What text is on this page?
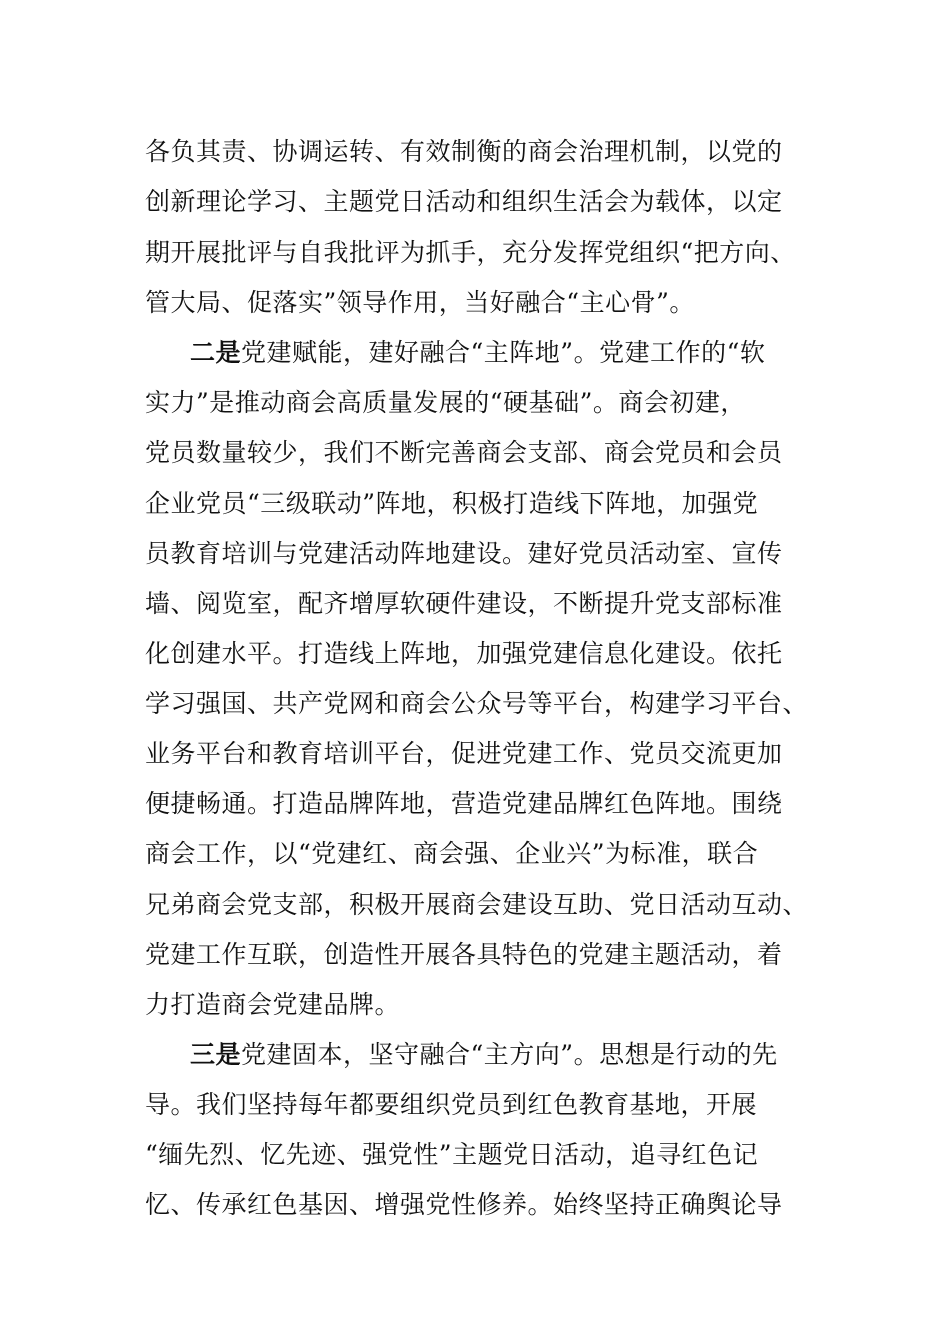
各负其责、协调运转、有效制衡的商会治理机制，以党的
创新理论学习、主题党日活动和组织生活会为载体，以定
期开展批评与自我批评为抓手，充分发挥党组织“把方向、
管大局、促落实”领导作用，当好融合“主心骨”。
二是党建赋能，建好融合“主阵地”。党建工作的“软
实力”是推动商会高质量发展的“硬基础”。商会初建，
党员数量较少，我们不断完善商会支部、商会党员和会员
企业党员“三级联动”阵地，积极打造线下阵地，加强党
员教育培训与党建活动阵地建设。建好党员活动室、宣传
墙、阅览室，配齐增厚软硬件建设，不断提升党支部标准
化创建水平。打造线上阵地，加强党建信息化建设。依托
学习强国、共产党网和商会公众号等平台，构建学习平台、
业务平台和教育培训平台，促进党建工作、党员交流更加
便捷畅通。打造品牌阵地，营造党建品牌红色阵地。围绕
商会工作，以“党建红、商会强、企业兴”为标准，联合
兄弟商会党支部，积极开展商会建设互助、党日活动互动、
党建工作互联，创造性开展各具特色的党建主题活动，着
力打造商会党建品牌。
三是党建固本，坚守融合“主方向”。思想是行动的先
导。我们坚持每年都要组织党员到红色教育基地，开展
“缅先烈、忆先迹、强党性”主题党日活动，追寻红色记
忆、传承红色基因、增强党性修养。始终坚持正确舆论导
